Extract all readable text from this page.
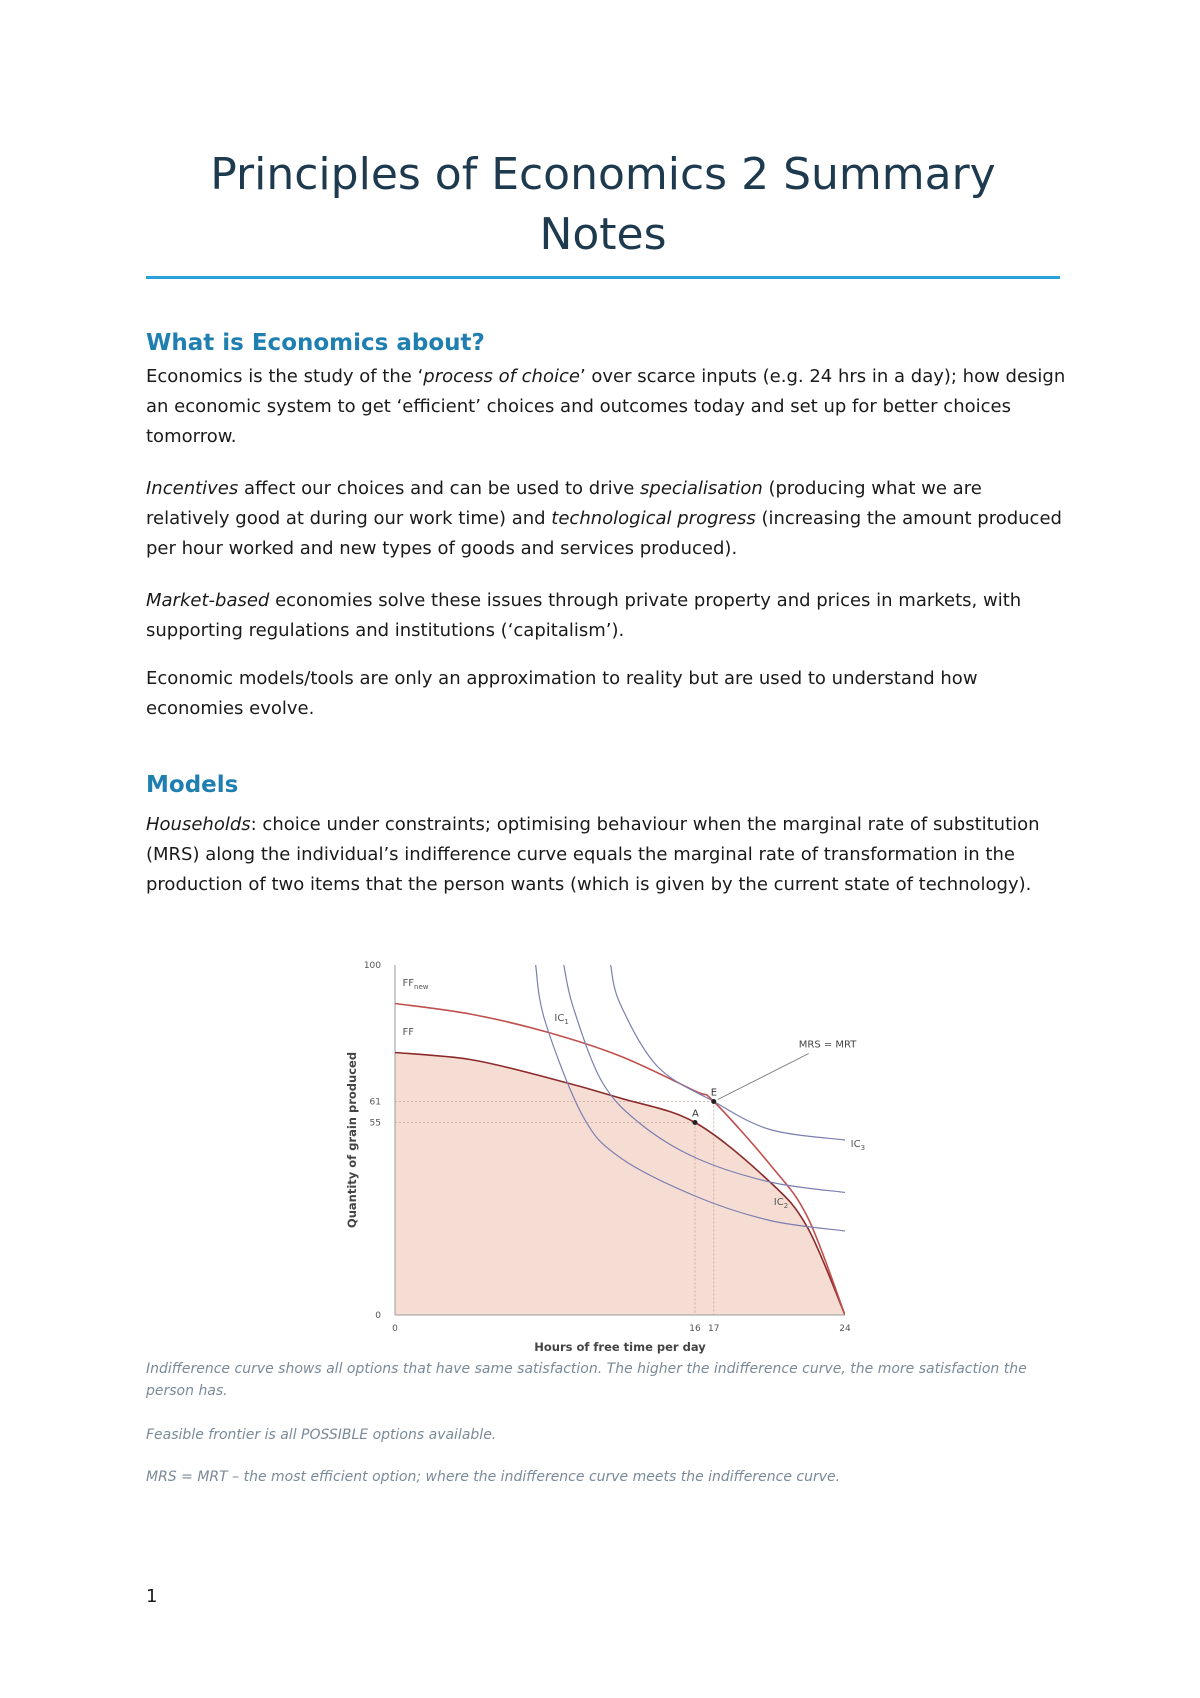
Principles of Economics 2 Summary Notes
What is Economics about?

Economics is the study of the ‘process of choice’ over scarce inputs (e.g. 24 hrs in a day); how design an economic system to get ‘efficient’ choices and outcomes today and set up for better choices tomorrow.

Incentives affect our choices and can be used to drive specialisation (producing what we are relatively good at during our work time) and technological progress (increasing the amount produced per hour worked and new types of goods and services produced).

Market-based economies solve these issues through private property and prices in markets, with supporting regulations and institutions (‘capitalism’).

Economic models/tools are only an approximation to reality but are used to understand how economies evolve.

Models

Households: choice under constraints; optimising behaviour when the marginal rate of substitution (MRS) along the individual’s indifference curve equals the marginal rate of transformation in the production of two items that the person wants (which is given by the current state of technology).

FF
$FF_{new}$
$IC_1$
$IC_2$
$IC_3$
A
E
MRS = MRT
0
55
61
100
0	16 17	24
Hours of free time per day
Quantity of grain produced

Indifference curve shows all options that have same satisfaction. The higher the indifference curve, the more satisfaction the person has.

Feasible frontier is all POSSIBLE options available.

MRS = MRT – the most efficient option; where the indifference curve meets the indifference curve.

1
